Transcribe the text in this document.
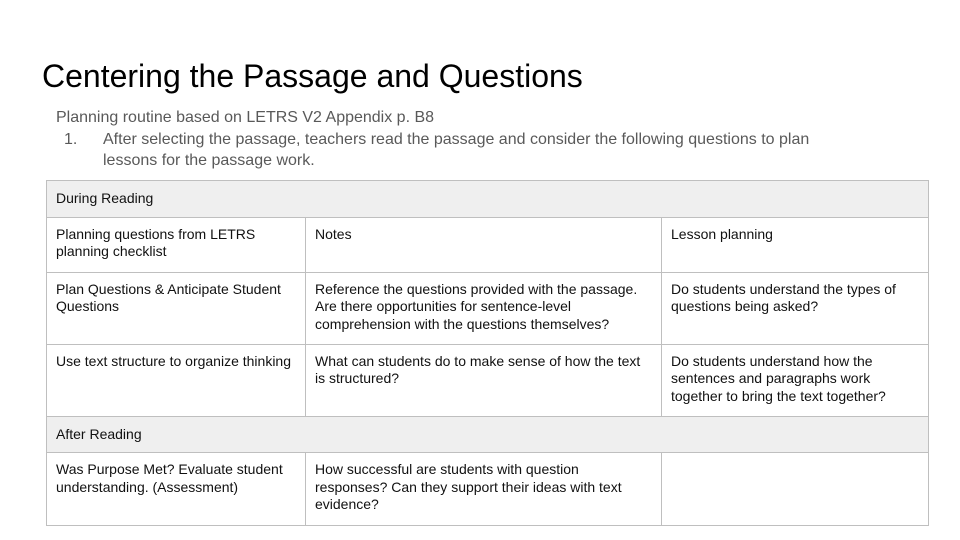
Centering the Passage and Questions
Planning routine based on LETRS V2 Appendix p. B8
1.	After selecting the passage, teachers read the passage and consider the following questions to plan lessons for the passage work.
During Reading		
Planning questions from LETRS planning checklist	Notes	Lesson planning
Plan Questions & Anticipate Student Questions	Reference the questions provided with the passage. Are there opportunities for sentence-level comprehension with the questions themselves?	Do students understand the types of questions being asked?
Use text structure to organize thinking	What can students do to make sense of how the text is structured?	Do students understand how the sentences and paragraphs work together to bring the text together?
After Reading		
Was Purpose Met? Evaluate student understanding. (Assessment)	How successful are students with question responses? Can they support their ideas with text evidence?	
